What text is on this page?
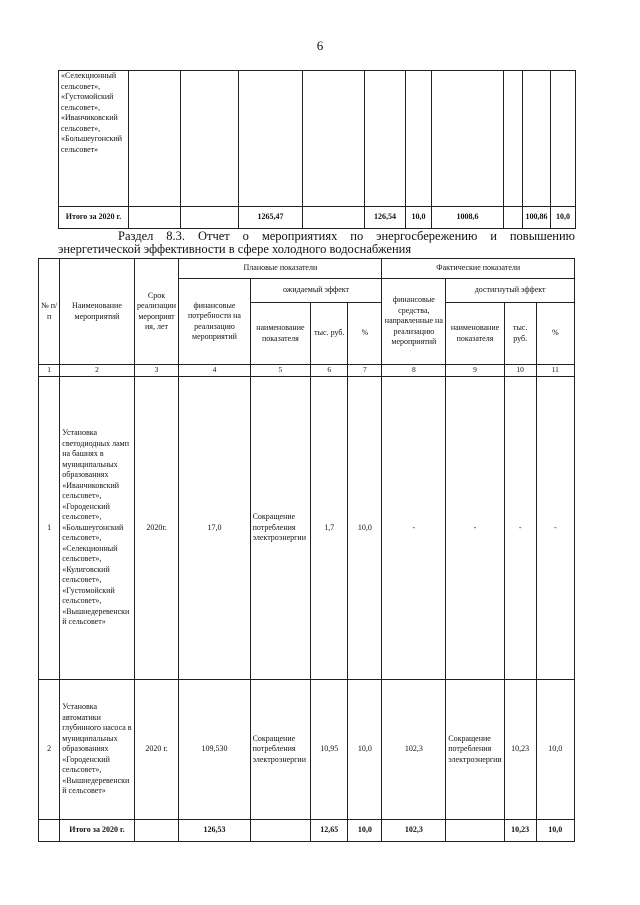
6
«Селекционный сельсовет», «Густомойский сельсовет», «Иванчиковский сельсовет», «Большеугонский сельсовет»										
Итого за 2020 г.			1265,47		126,54	10,0	1008,6		100,86	10,0
Раздел 8.3. Отчет о мероприятиях по энергосбережению и повышению
энергетической эффективности в сфере холодного водоснабжения
№ п/п	Наименование мероприятий	Срок реализации мероприятия, лет	Плановые показатели				Фактические показатели			
			финансовые потребности на реализацию мероприятий	ожидаемый эффект			финансовые средства, направленные на реализацию мероприятий	достигнутый эффект		
				наименование показателя	тыс. руб.	%		наименование показателя	тыс. руб.	%
1	2	3	4	5	6	7	8	9	10	11
1	Установка светодиодных ламп на башнях в муниципальных образованиях «Иванчиковский сельсовет», «Городенский сельсовет», «Большеугонский сельсовет», «Селекционный сельсовет», «Кулиговский сельсовет», «Густомойский сельсовет», «Вышнедеревенский сельсовет»	2020г.	17,0	Сокращение потребления электроэнергии	1,7	10,0	-	-	-	-
2	Установка автоматики глубинного насоса в муниципальных образованиях «Городенский сельсовет», «Вышнедеревенский сельсовет»	2020 г.	109,530	Сокращение потребления электроэнергии	10,95	10,0	102,3	Сокращение потребления электроэнергии	10,23	10,0
	Итого за 2020 г.		126,53		12,65	10,0	102,3		10,23	10,0
